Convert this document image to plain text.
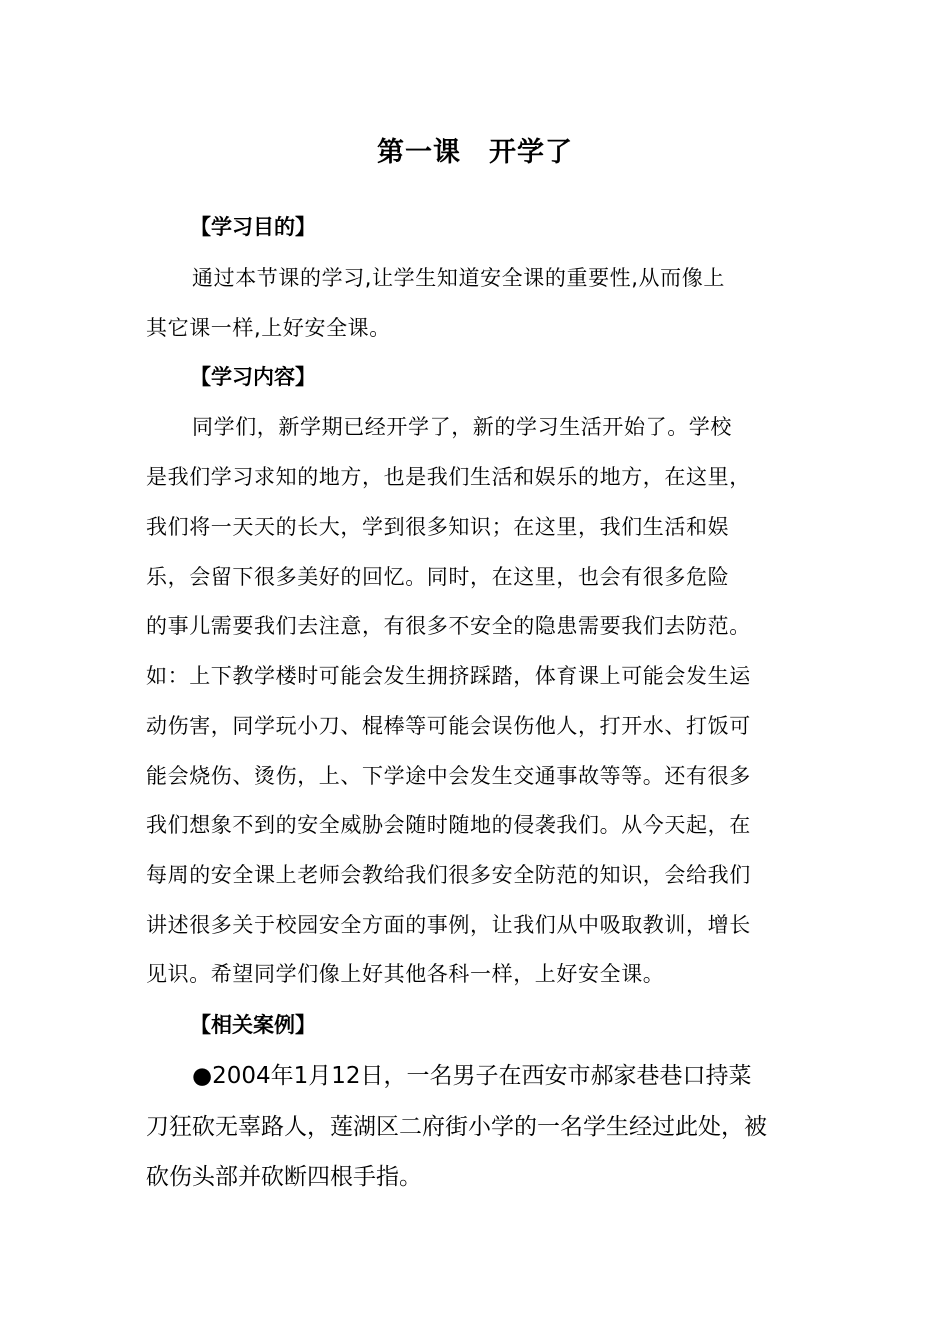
第一课　开学了
【学习目的】
通过本节课的学习,让学生知道安全课的重要性,从而像上
其它课一样,上好安全课。
【学习内容】
同学们，新学期已经开学了，新的学习生活开始了。学校
是我们学习求知的地方，也是我们生活和娱乐的地方，在这里，
我们将一天天的长大，学到很多知识；在这里，我们生活和娱
乐，会留下很多美好的回忆。同时，在这里，也会有很多危险
的事儿需要我们去注意，有很多不安全的隐患需要我们去防范。
如：上下教学楼时可能会发生拥挤踩踏，体育课上可能会发生运
动伤害，同学玩小刀、棍棒等可能会误伤他人，打开水、打饭可
能会烧伤、烫伤，上、下学途中会发生交通事故等等。还有很多
我们想象不到的安全威胁会随时随地的侵袭我们。从今天起，在
每周的安全课上老师会教给我们很多安全防范的知识，会给我们
讲述很多关于校园安全方面的事例，让我们从中吸取教训，增长
见识。希望同学们像上好其他各科一样，上好安全课。
【相关案例】
●2004年1月12日，一名男子在西安市郝家巷巷口持菜
刀狂砍无辜路人，莲湖区二府街小学的一名学生经过此处，被
砍伤头部并砍断四根手指。
